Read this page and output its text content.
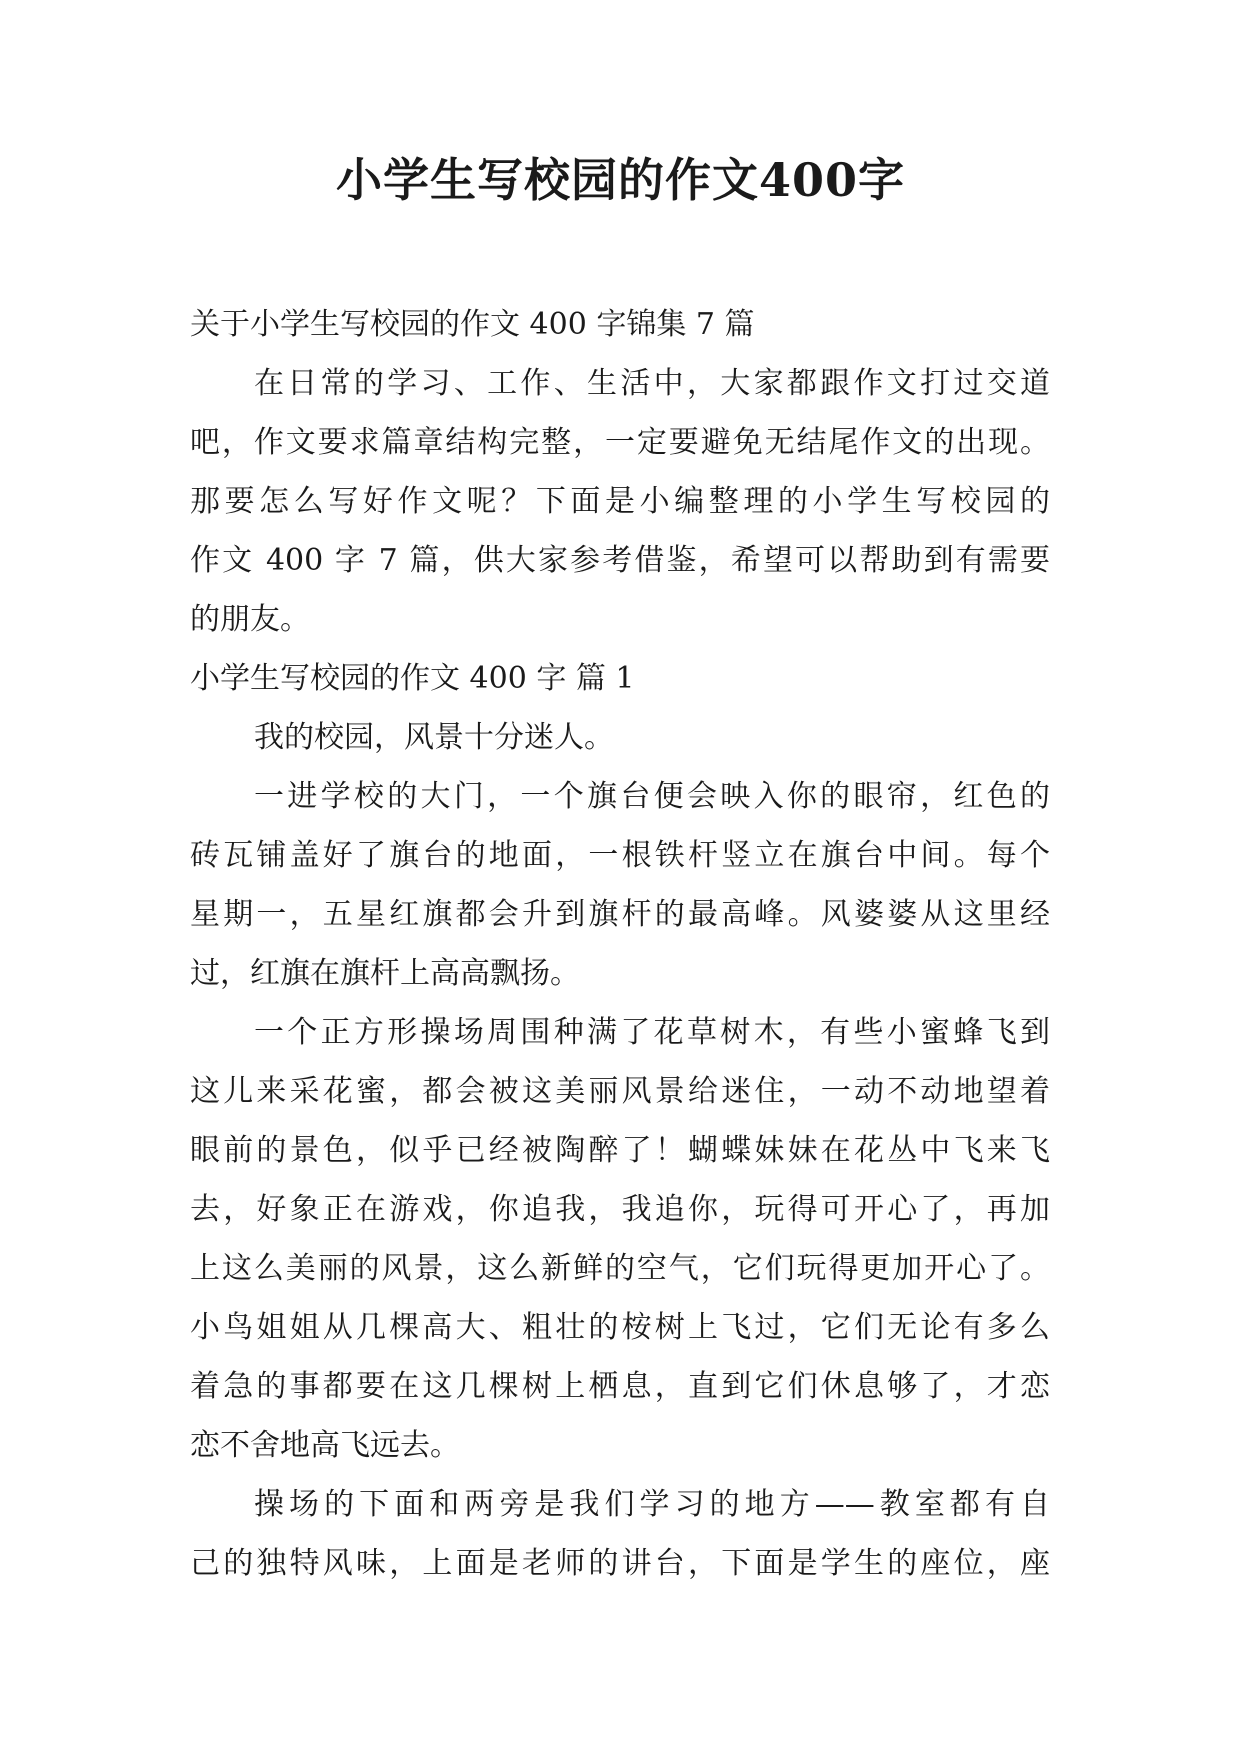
小学生写校园的作文400字
关于小学生写校园的作文 400 字锦集 7 篇
在日常的学习、工作、生活中，大家都跟作文打过交道
吧，作文要求篇章结构完整，一定要避免无结尾作文的出现。
那要怎么写好作文呢？下面是小编整理的小学生写校园的
作文 400 字 7 篇，供大家参考借鉴，希望可以帮助到有需要
的朋友。
小学生写校园的作文 400 字 篇 1
我的校园，风景十分迷人。
一进学校的大门，一个旗台便会映入你的眼帘，红色的
砖瓦铺盖好了旗台的地面，一根铁杆竖立在旗台中间。每个
星期一，五星红旗都会升到旗杆的最高峰。风婆婆从这里经
过，红旗在旗杆上高高飘扬。
一个正方形操场周围种满了花草树木，有些小蜜蜂飞到
这儿来采花蜜，都会被这美丽风景给迷住，一动不动地望着
眼前的景色，似乎已经被陶醉了！蝴蝶妹妹在花丛中飞来飞
去，好象正在游戏，你追我，我追你，玩得可开心了，再加
上这么美丽的风景，这么新鲜的空气，它们玩得更加开心了。
小鸟姐姐从几棵高大、粗壮的桉树上飞过，它们无论有多么
着急的事都要在这几棵树上栖息，直到它们休息够了，才恋
恋不舍地高飞远去。
操场的下面和两旁是我们学习的地方——教室都有自
己的独特风味，上面是老师的讲台，下面是学生的座位，座
